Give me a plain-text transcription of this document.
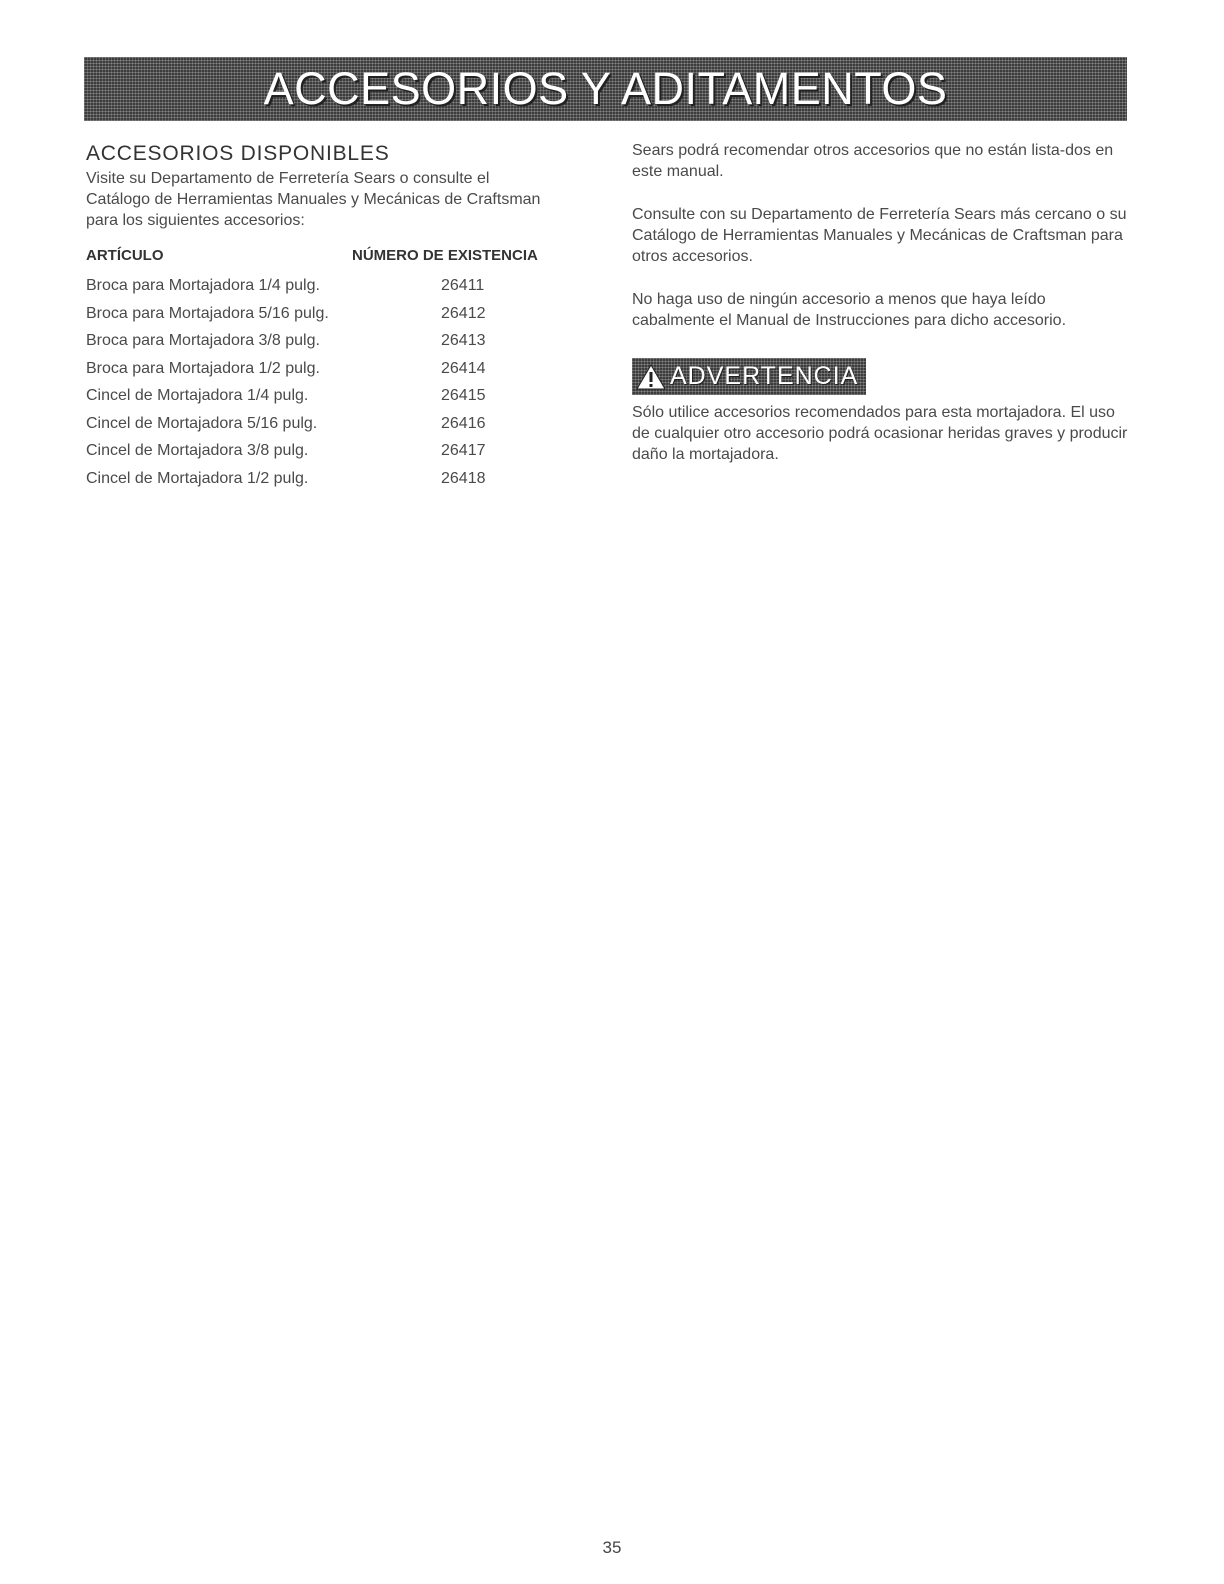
ACCESORIOS Y ADITAMENTOS
ACCESORIOS DISPONIBLES

Visite su Departamento de Ferretería Sears o consulte el Catálogo de Herramientas Manuales y Mecánicas de Craftsman para los siguientes accesorios:

ARTÍCULO	NÚMERO DE EXISTENCIA
Broca para Mortajadora 1/4 pulg.	26411
Broca para Mortajadora 5/16 pulg.	26412
Broca para Mortajadora 3/8 pulg.	26413
Broca para Mortajadora 1/2 pulg.	26414
Cincel de Mortajadora 1/4 pulg.	26415
Cincel de Mortajadora 5/16 pulg.	26416
Cincel de Mortajadora 3/8 pulg.	26417
Cincel de Mortajadora 1/2 pulg.	26418

Sears podrá recomendar otros accesorios que no están lista-dos en este manual.

Consulte con su Departamento de Ferretería Sears más cercano o su Catálogo de Herramientas Manuales y Mecánicas de Craftsman para otros accesorios.

No haga uso de ningún accesorio a menos que haya leído cabalmente el Manual de Instrucciones para dicho accesorio.

ADVERTENCIA

Sólo utilice accesorios recomendados para esta mortajadora. El uso de cualquier otro accesorio podrá ocasionar heridas graves y producir daño la mortajadora.

35
